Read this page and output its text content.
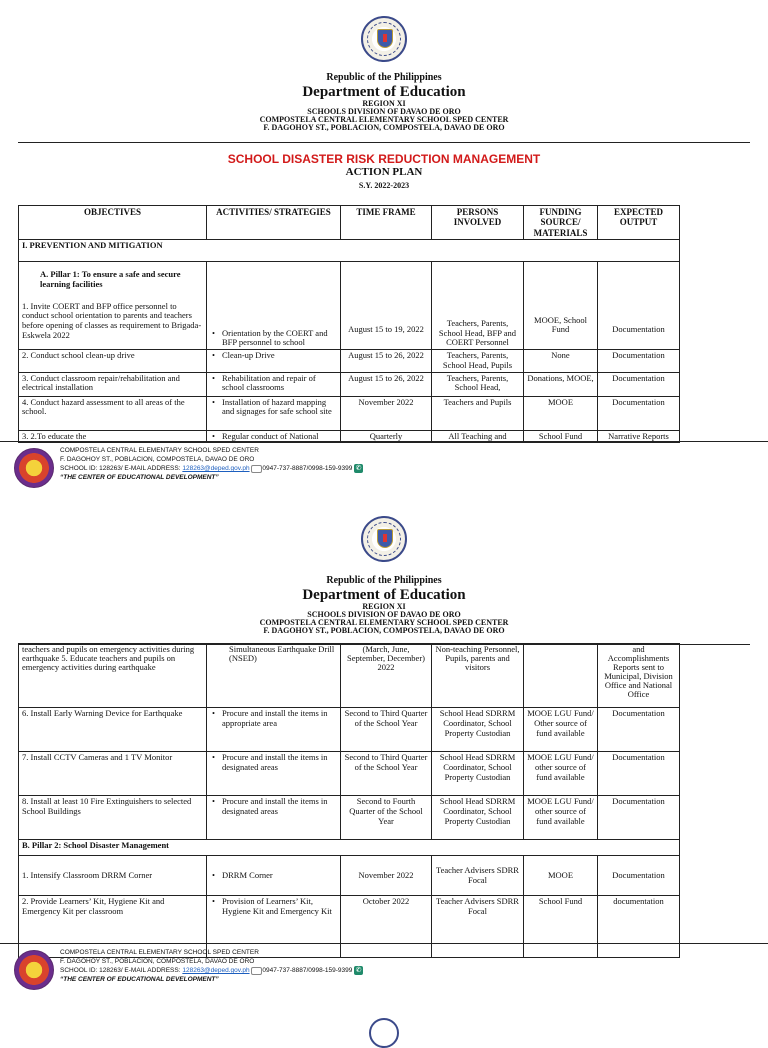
Republic of the Philippines
Department of Education
REGION XI
SCHOOLS DIVISION OF DAVAO DE ORO
COMPOSTELA CENTRAL ELEMENTARY SCHOOL SPED CENTER
F. DAGOHOY ST., POBLACION, COMPOSTELA, DAVAO DE ORO
SCHOOL DISASTER RISK REDUCTION MANAGEMENT
ACTION PLAN
S.Y. 2022-2023
OBJECTIVES	ACTIVITIES/ STRATEGIES	TIME FRAME	PERSONS INVOLVED	FUNDING SOURCE/ MATERIALS	EXPECTED OUTPUT
I. PREVENTION AND MITIGATION					

A. Pillar 1: To ensure a safe and secure learning facilities
1. Invite COERT and BFP office personnel to conduct school orientation to parents and teachers before opening of classes as requirement to Brigada-Eskwela 2022	• Orientation by the COERT and BFP personnel to school	August 15 to 19, 2022	Teachers, Parents, School Head, BFP and COERT Personnel	MOOE, School Fund	Documentation
2. Conduct school clean-up drive	• Clean-up Drive	August 15 to 26, 2022	Teachers, Parents, School Head, Pupils	None	Documentation
3. Conduct classroom repair/rehabilitation and electrical installation	• Rehabilitation and repair of school classrooms	August 15 to 26, 2022	Teachers, Parents, School Head,	Donations, MOOE,	Documentation
4. Conduct hazard assessment to all areas of the school.	• Installation of hazard mapping and signages for safe school site	November 2022	Teachers and Pupils	MOOE	Documentation
3. 2.To educate the	• Regular conduct of National	Quarterly	All Teaching and	School Fund	Narrative Reports
COMPOSTELA CENTRAL ELEMENTARY SCHOOL SPED CENTER
F. DAGOHOY ST., POBLACION, COMPOSTELA, DAVAO DE ORO
SCHOOL ID: 128263/ E-MAIL ADDRESS: 128263@deped.gov.ph 0947-737-8887/0998-159-9399 ✆
“THE CENTER OF EDUCATIONAL DEVELOPMENT”
Republic of the Philippines
Department of Education
REGION XI
SCHOOLS DIVISION OF DAVAO DE ORO
COMPOSTELA CENTRAL ELEMENTARY SCHOOL SPED CENTER
F. DAGOHOY ST., POBLACION, COMPOSTELA, DAVAO DE ORO
teachers and pupils on emergency activities during earthquake 5. Educate teachers and pupils on emergency activities during earthquake	Simultaneous Earthquake Drill (NSED)	(March, June, September, December) 2022	Non-teaching Personnel, Pupils, parents and visitors		and Accomplishments Reports sent to Municipal, Division Office and National Office
6. Install Early Warning Device for Earthquake	• Procure and install the items in appropriate area	Second to Third Quarter of the School Year	School Head SDRRM Coordinator, School Property Custodian	MOOE LGU Fund/ Other source of fund available	Documentation
7. Install CCTV Cameras and 1 TV Monitor	• Procure and install the items in designated areas	Second to Third Quarter of the School Year	School Head SDRRM Coordinator, School Property Custodian	MOOE LGU Fund/ other source of fund available	Documentation
8. Install at least 10 Fire Extinguishers to selected School Buildings	• Procure and install the items in designated areas	Second to Fourth Quarter of the School Year	School Head SDRRM Coordinator, School Property Custodian	MOOE LGU Fund/ other source of fund available	Documentation
B. Pillar 2: School Disaster Management					
1. Intensify Classroom DRRM Corner	• DRRM Corner	November 2022	Teacher Advisers SDRR Focal	MOOE	Documentation
2. Provide Learners’ Kit, Hygiene Kit and Emergency Kit per classroom	• Provision of Learners’ Kit, Hygiene Kit and Emergency Kit	October 2022	Teacher Advisers SDRR Focal	School Fund	documentation
COMPOSTELA CENTRAL ELEMENTARY SCHOOL SPED CENTER
F. DAGOHOY ST., POBLACION, COMPOSTELA, DAVAO DE ORO
SCHOOL ID: 128263/ E-MAIL ADDRESS: 128263@deped.gov.ph 0947-737-8887/0998-159-9399 ✆
“THE CENTER OF EDUCATIONAL DEVELOPMENT”
